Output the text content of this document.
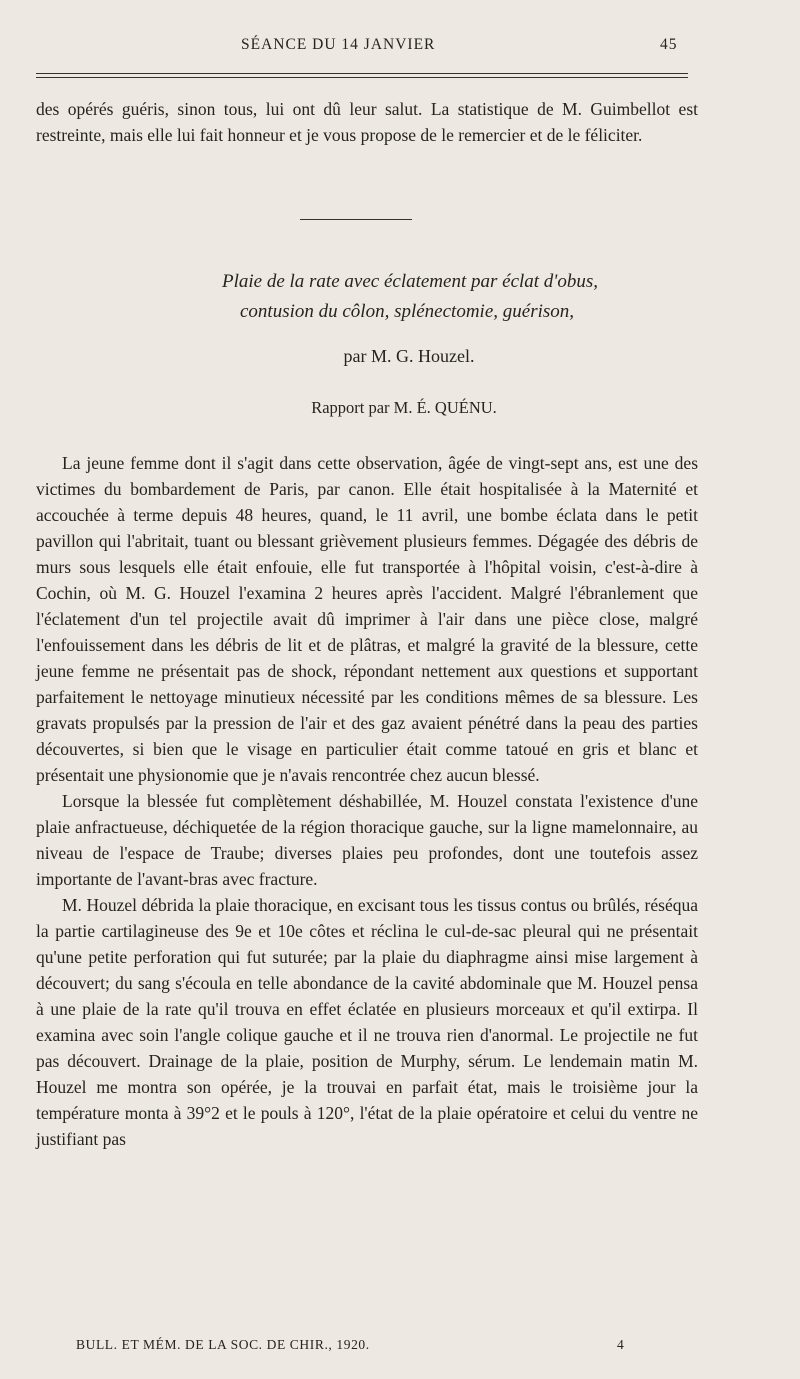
SÉANCE DU 14 JANVIER	45
des opérés guéris, sinon tous, lui ont dû leur salut. La statistique de M. Guimbellot est restreinte, mais elle lui fait honneur et je vous propose de le remercier et de le féliciter.
Plaie de la rate avec éclatement par éclat d'obus,
contusion du côlon, splénectomie, guérison,
par M. G. Houzel.
Rapport par M. É. QUÉNU.

La jeune femme dont il s'agit dans cette observation, âgée de vingt-sept ans, est une des victimes du bombardement de Paris, par canon. Elle était hospitalisée à la Maternité et accouchée à terme depuis 48 heures, quand, le 11 avril, une bombe éclata dans le petit pavillon qui l'abritait, tuant ou blessant grièvement plusieurs femmes. Dégagée des débris de murs sous lesquels elle était enfouie, elle fut transportée à l'hôpital voisin, c'est-à-dire à Cochin, où M. G. Houzel l'examina 2 heures après l'accident. Malgré l'ébranlement que l'éclatement d'un tel projectile avait dû imprimer à l'air dans une pièce close, malgré l'enfouissement dans les débris de lit et de plâtras, et malgré la gravité de la blessure, cette jeune femme ne présentait pas de shock, répondant nettement aux questions et supportant parfaitement le nettoyage minutieux nécessité par les conditions mêmes de sa blessure. Les gravats propulsés par la pression de l'air et des gaz avaient pénétré dans la peau des parties découvertes, si bien que le visage en particulier était comme tatoué en gris et blanc et présentait une physionomie que je n'avais rencontrée chez aucun blessé.

Lorsque la blessée fut complètement déshabillée, M. Houzel constata l'existence d'une plaie anfractueuse, déchiquetée de la région thoracique gauche, sur la ligne mamelonnaire, au niveau de l'espace de Traube; diverses plaies peu profondes, dont une toutefois assez importante de l'avant-bras avec fracture.

M. Houzel débrida la plaie thoracique, en excisant tous les tissus contus ou brûlés, réséqua la partie cartilagineuse des 9e et 10e côtes et réclina le cul-de-sac pleural qui ne présentait qu'une petite perforation qui fut suturée; par la plaie du diaphragme ainsi mise largement à découvert; du sang s'écoula en telle abondance de la cavité abdominale que M. Houzel pensa à une plaie de la rate qu'il trouva en effet éclatée en plusieurs morceaux et qu'il extirpa. Il examina avec soin l'angle colique gauche et il ne trouva rien d'anormal. Le projectile ne fut pas découvert. Drainage de la plaie, position de Murphy, sérum. Le lendemain matin M. Houzel me montra son opérée, je la trouvai en parfait état, mais le troisième jour la température monta à 39°2 et le pouls à 120°, l'état de la plaie opératoire et celui du ventre ne justifiant pas

BULL. ET MÉM. DE LA SOC. DE CHIR., 1920.	4
